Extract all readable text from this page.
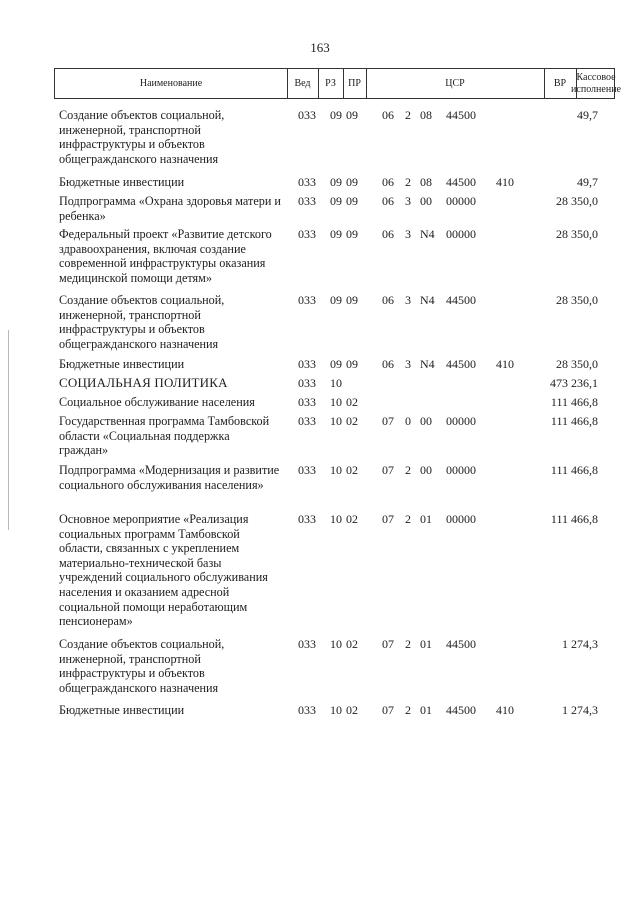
163
Наименование	Вед	РЗ	ПР	ЦСР	ВР
Кассовое исполнение
Создание объектов социальной, инженерной, транспортной инфраструктуры и объектов общегражданского назначения
033 09 09 06 2 08 44500	49,7
Бюджетные инвестиции	033 09 09 06 2 08 44500 410	49,7
Подпрограмма «Охрана здоровья матери и ребенка»
033 09 09 06 3 00 00000	28 350,0
Федеральный проект «Развитие детского здравоохранения, включая создание современной инфраструктуры оказания медицинской помощи детям»
033 09 09 06 3 N4 00000	28 350,0
Создание объектов социальной, инженерной, транспортной инфраструктуры и объектов общегражданского назначения
033 09 09 06 3 N4 44500	28 350,0
Бюджетные инвестиции	033 09 09 06 3 N4 44500 410	28 350,0
СОЦИАЛЬНАЯ ПОЛИТИКА	033 10	473 236,1
Социальное обслуживание населения	033 10 02	111 466,8
Государственная программа Тамбовской области «Социальная поддержка граждан»
033 10 02 07 0 00 00000	111 466,8
Подпрограмма «Модернизация и развитие социального обслуживания населения»
033 10 02 07 2 00 00000	111 466,8
Основное мероприятие «Реализация социальных программ Тамбовской области, связанных с укреплением материально-технической базы учреждений социального обслуживания населения и оказанием адресной социальной помощи неработающим пенсионерам»
033 10 02 07 2 01 00000	111 466,8
Создание объектов социальной, инженерной, транспортной инфраструктуры и объектов общегражданского назначения
033 10 02 07 2 01 44500	1 274,3
Бюджетные инвестиции	033 10 02 07 2 01 44500 410	1 274,3
